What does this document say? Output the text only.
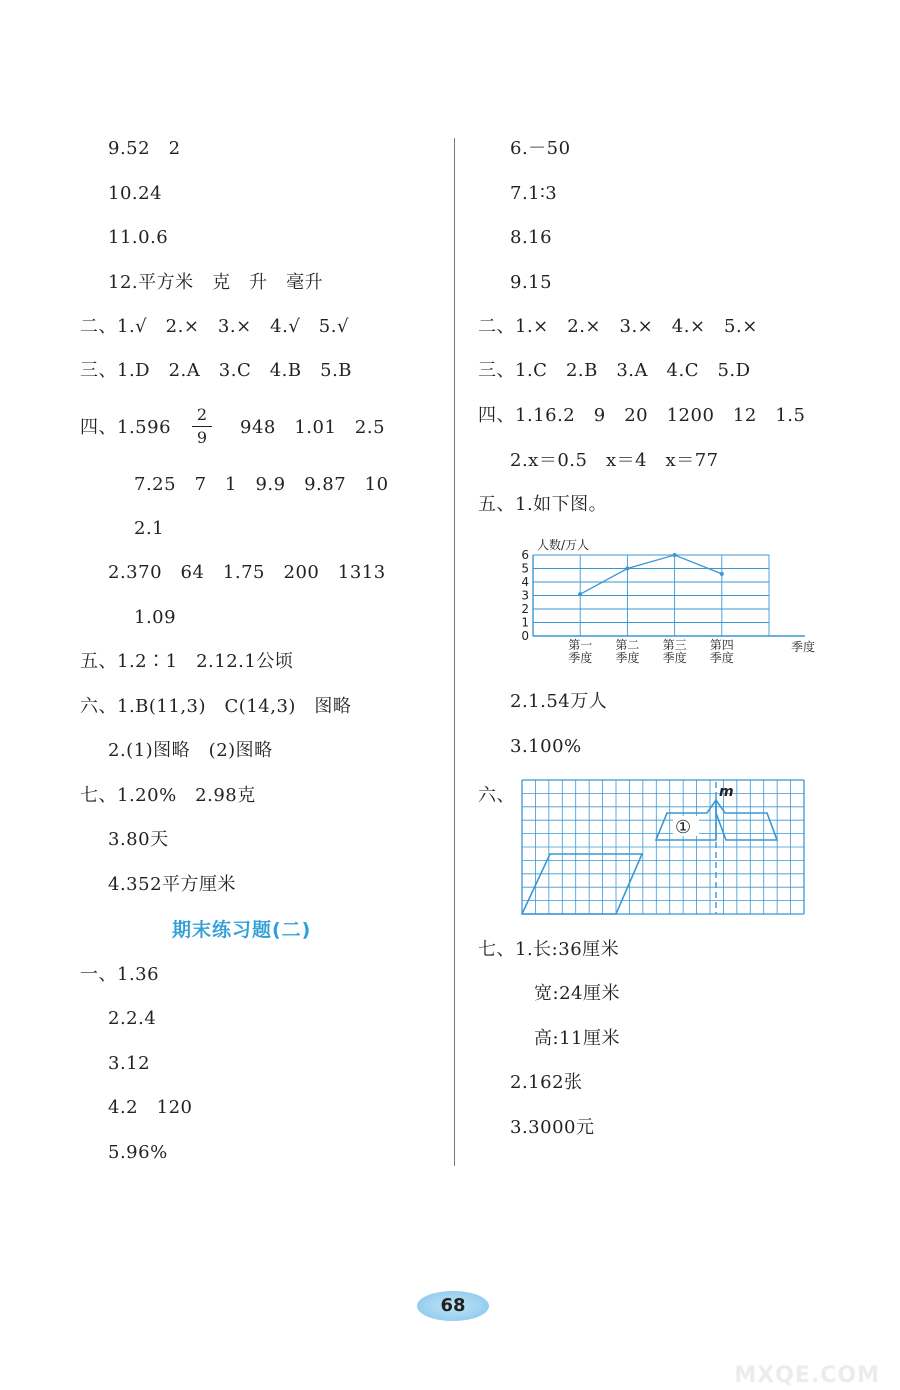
9.52　2
10.24
11.0.6
12.平方米　克　升　毫升
二、1.√　2.×　3.×　4.√　5.√
三、1.D　2.A　3.C　4.B　5.B
四、1.596
2
9 948　1.01　2.5
7.25　7　1　9.9　9.87　10
2.1
2.370　64　1.75　200　1313
1.09
五、1.2∶1　2.12.1公顷
六、1.B(11,3)　C(14,3)　图略
2.(1)图略　(2)图略
七、1.20%　2.98克
3.80天
4.352平方厘米
期末练习题(二)
一、1.36
2.2.4
3.12
4.2　120
5.96%
6.－50
7.1∶3
8.16
9.15
二、1.×　2.×　3.×　4.×　5.×
三、1.C　2.B　3.A　4.C　5.D
四、1.16.2　9　20　1200　12　1.5
2.x＝0.5　x＝4　x＝77
五、1.如下图。
0
1
2
3
4
5
6
第一
季度
第二
季度
第三
季度
第四
季度
人数/万人
季度
2.1.54万人
3.100%
六、
①
m
七、1.长:36厘米
宽:24厘米
高:11厘米
2.162张
3.3000元
68
MXQE.COM
